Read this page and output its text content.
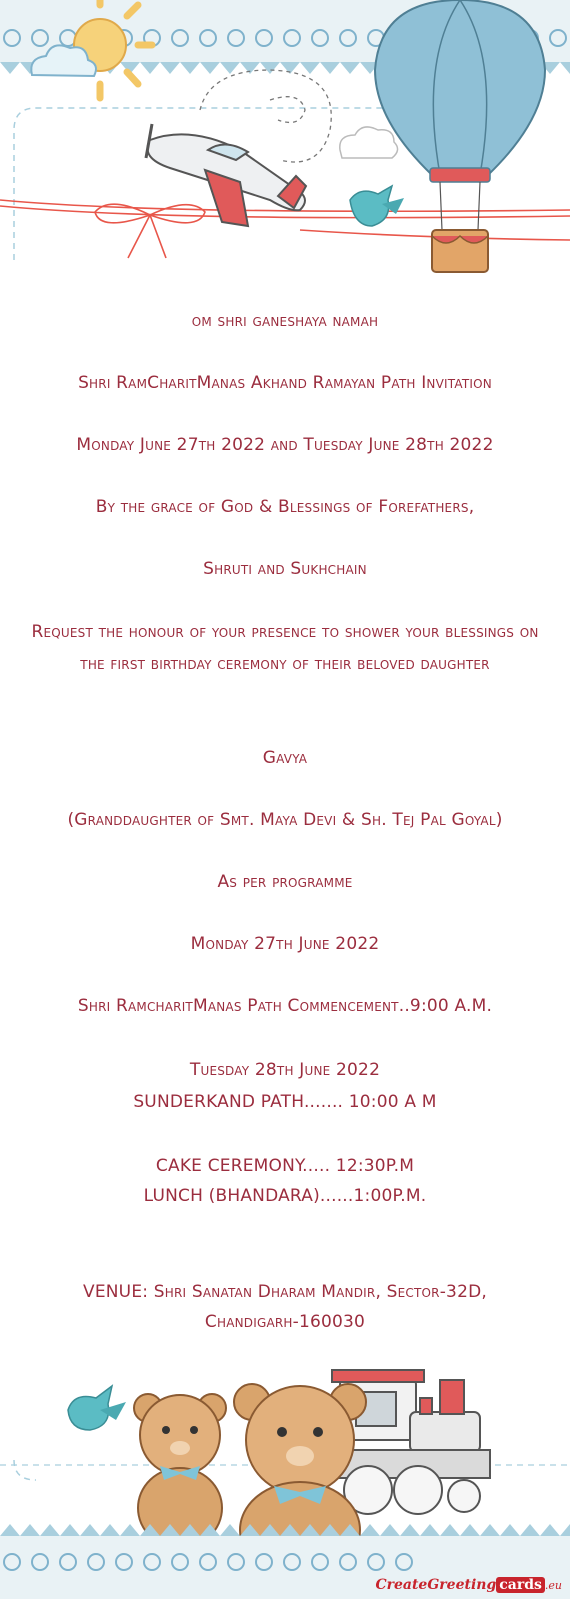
om shri ganeshaya namah
Shri RamCharitManas Akhand Ramayan Path Invitation
Monday June 27th 2022 and Tuesday June 28th 2022
By the grace of God & Blessings of Forefathers,
Shruti and Sukhchain
Request the honour of your presence to shower your blessings on the first birthday ceremony of their beloved daughter
Gavya
(Granddaughter of Smt. Maya Devi & Sh. Tej Pal Goyal)
As per programme
Monday 27th June 2022
Shri RamcharitManas Path Commencement..9:00 A.M.
Tuesday 28th June 2022
SUNDERKAND PATH....... 10:00 A M
CAKE CEREMONY..... 12:30P.M
LUNCH (BHANDARA)......1:00P.M.
VENUE: Shri Sanatan Dharam Mandir, Sector-32D,
Chandigarh-160030
CreateGreeting cards .eu
